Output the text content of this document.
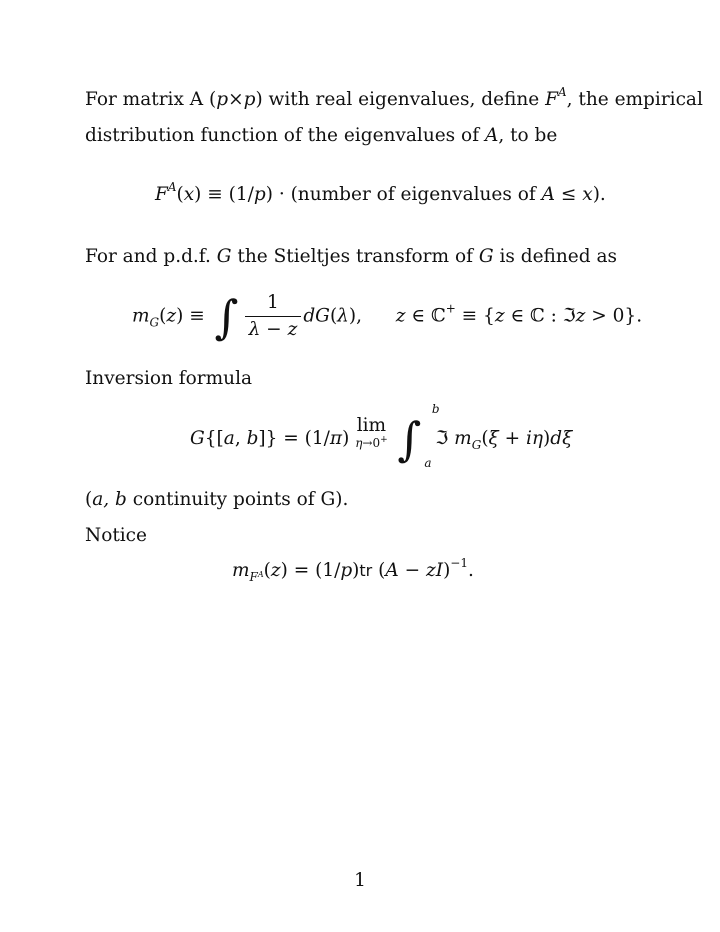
For matrix A (p×p) with real eigenvalues, define $F^A$, the empirical
distribution function of the eigenvalues of A, to be
$F^A(x) \equiv (1/p)$ · (number of eigenvalues of A ≤ x).
For and p.d.f. G the Stieltjes transform of G is defined as
$m_G(z)$ ≡ ∫ $\frac{1}{\lambda - z} dG(\lambda)$,  z ∈ ℂ+ ≡ {z ∈ ℂ : ℑz > 0}.
Inversion formula
G{[a, b]} = (1/π) lim
η→0+ ∫
b
a
ℑ $m_G(\xi + i\eta)d\xi$
(a, b continuity points of G).
Notice
$m_{F^A}(z) = (1/p)tr$ (A − zI)$^{-1}$.
1
